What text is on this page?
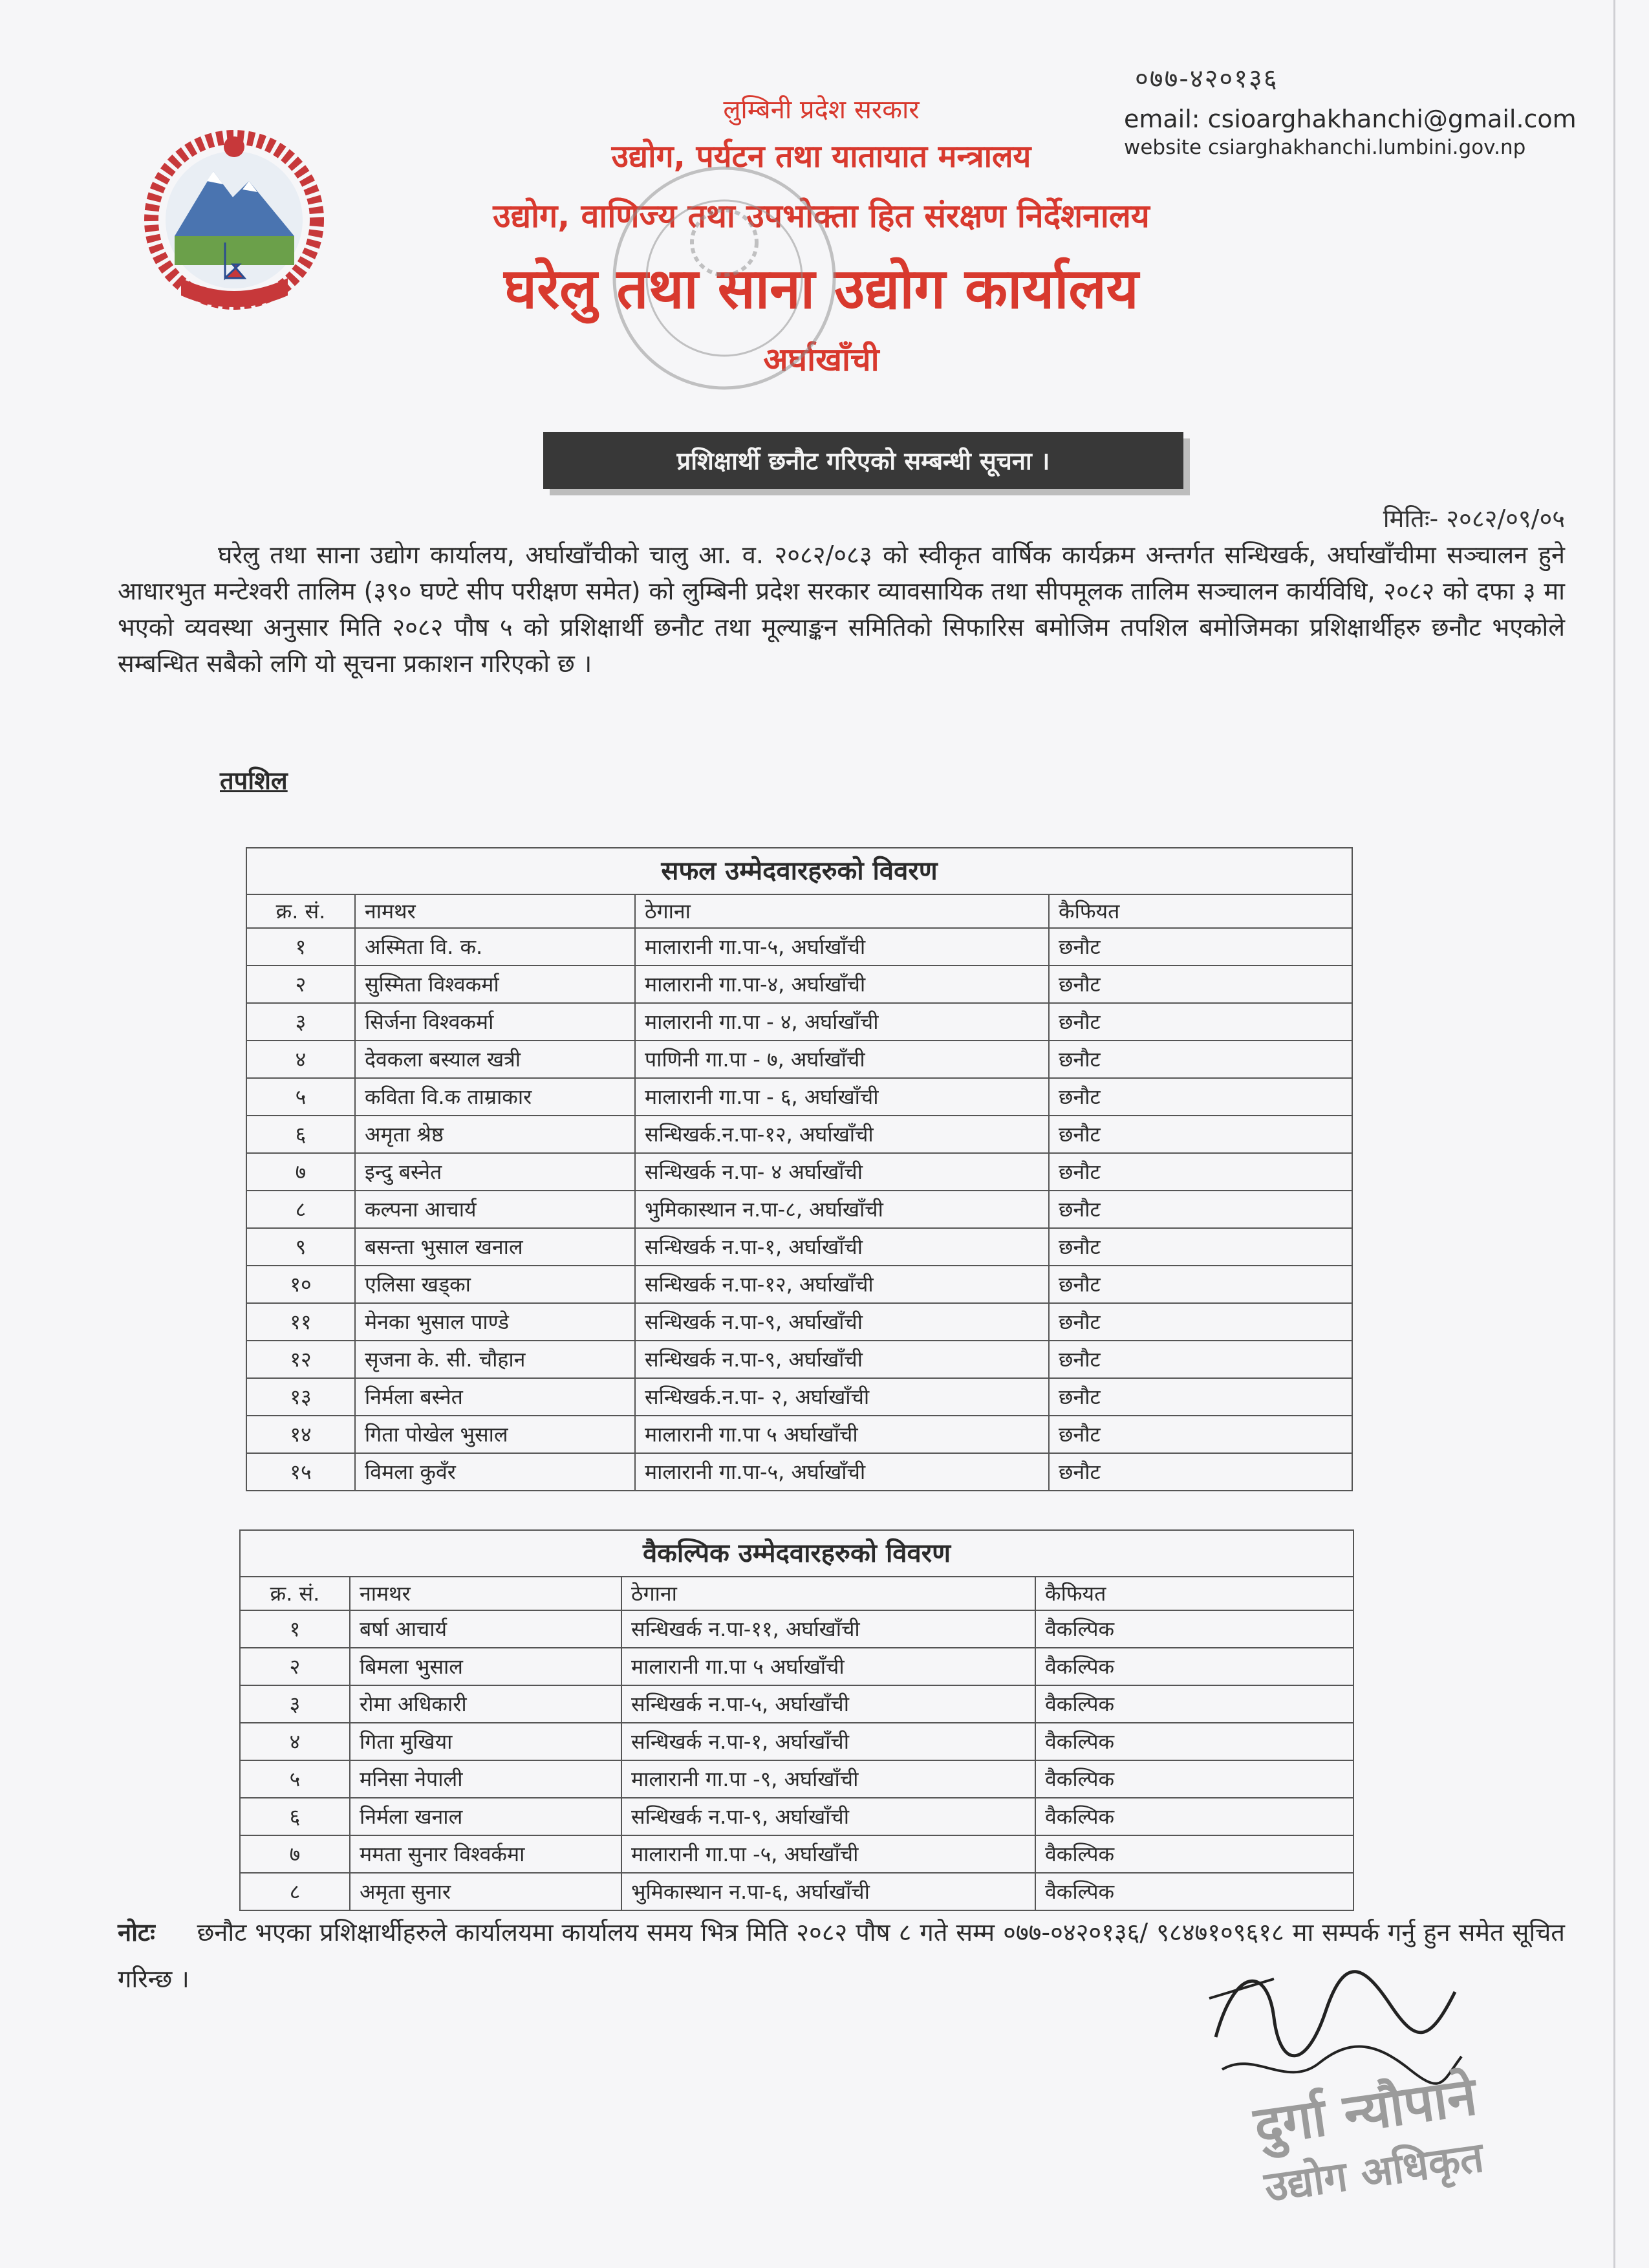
लुम्बिनी प्रदेश सरकार
उद्योग, पर्यटन तथा यातायात मन्त्रालय
उद्योग, वाणिज्य तथा उपभोक्ता हित संरक्षण निर्देशनालय
घरेलु तथा साना उद्योग कार्यालय
अर्घाखाँची
०७७-४२०१३६
email: csioarghakhanchi@gmail.com
website csiarghakhanchi.lumbini.gov.np
प्रशिक्षार्थी छनौट गरिएको सम्बन्धी सूचना ।
मितिः- २०८२/०९/०५
घरेलु तथा साना उद्योग कार्यालय, अर्घाखाँचीको चालु आ. व. २०८२/०८३ को स्वीकृत वार्षिक कार्यक्रम अन्तर्गत सन्धिखर्क, अर्घाखाँचीमा सञ्चालन हुने आधारभुत मन्टेश्वरी तालिम (३९० घण्टे सीप परीक्षण समेत) को लुम्बिनी प्रदेश सरकार व्यावसायिक तथा सीपमूलक तालिम सञ्चालन कार्यविधि, २०८२ को दफा ३ मा भएको व्यवस्था अनुसार मिति २०८२ पौष ५ को प्रशिक्षार्थी छनौट तथा मूल्याङ्कन समितिको सिफारिस बमोजिम तपशिल बमोजिमका प्रशिक्षार्थीहरु छनौट भएकोले सम्बन्धित सबैको लगि यो सूचना प्रकाशन गरिएको छ ।
तपशिल
सफल उम्मेदवारहरुको विवरण			
क्र. सं.	नामथर	ठेगाना	कैफियत
१	अस्मिता वि. क.	मालारानी गा.पा-५, अर्घाखाँची	छनौट
२	सुस्मिता विश्वकर्मा	मालारानी गा.पा-४, अर्घाखाँची	छनौट
३	सिर्जना विश्वकर्मा	मालारानी गा.पा - ४, अर्घाखाँची	छनौट
४	देवकला बस्याल खत्री	पाणिनी गा.पा - ७, अर्घाखाँची	छनौट
५	कविता वि.क ताम्राकार	मालारानी गा.पा - ६, अर्घाखाँची	छनौट
६	अमृता श्रेष्ठ	सन्धिखर्क.न.पा-१२, अर्घाखाँची	छनौट
७	इन्दु बस्नेत	सन्धिखर्क न.पा- ४ अर्घाखाँची	छनौट
८	कल्पना आचार्य	भुमिकास्थान न.पा-८, अर्घाखाँची	छनौट
९	बसन्ता भुसाल खनाल	सन्धिखर्क न.पा-१, अर्घाखाँची	छनौट
१०	एलिसा खड्का	सन्धिखर्क न.पा-१२, अर्घाखाँची	छनौट
११	मेनका भुसाल पाण्डे	सन्धिखर्क न.पा-९, अर्घाखाँची	छनौट
१२	सृजना के. सी. चौहान	सन्धिखर्क न.पा-९, अर्घाखाँची	छनौट
१३	निर्मला बस्नेत	सन्धिखर्क.न.पा- २, अर्घाखाँची	छनौट
१४	गिता पोखेल भुसाल	मालारानी गा.पा ५ अर्घाखाँची	छनौट
१५	विमला कुवँर	मालारानी गा.पा-५, अर्घाखाँची	छनौट
वैकल्पिक उम्मेदवारहरुको विवरण			
क्र. सं.	नामथर	ठेगाना	कैफियत
१	बर्षा आचार्य	सन्धिखर्क न.पा-११, अर्घाखाँची	वैकल्पिक
२	बिमला भुसाल	मालारानी गा.पा ५ अर्घाखाँची	वैकल्पिक
३	रोमा अधिकारी	सन्धिखर्क न.पा-५, अर्घाखाँची	वैकल्पिक
४	गिता मुखिया	सन्धिखर्क न.पा-१, अर्घाखाँची	वैकल्पिक
५	मनिसा नेपाली	मालारानी गा.पा -९, अर्घाखाँची	वैकल्पिक
६	निर्मला खनाल	सन्धिखर्क न.पा-९, अर्घाखाँची	वैकल्पिक
७	ममता सुनार विश्वर्कमा	मालारानी गा.पा -५, अर्घाखाँची	वैकल्पिक
८	अमृता सुनार	भुमिकास्थान न.पा-६, अर्घाखाँची	वैकल्पिक
नोटः छनौट भएका प्रशिक्षार्थीहरुले कार्यालयमा कार्यालय समय भित्र मिति २०८२ पौष ८ गते सम्म ०७७-०४२०१३६/ ९८४७१०९६१८ मा सम्पर्क गर्नु हुन समेत सूचित गरिन्छ ।
दुर्गा न्यौपाने
उद्योग अधिकृत
